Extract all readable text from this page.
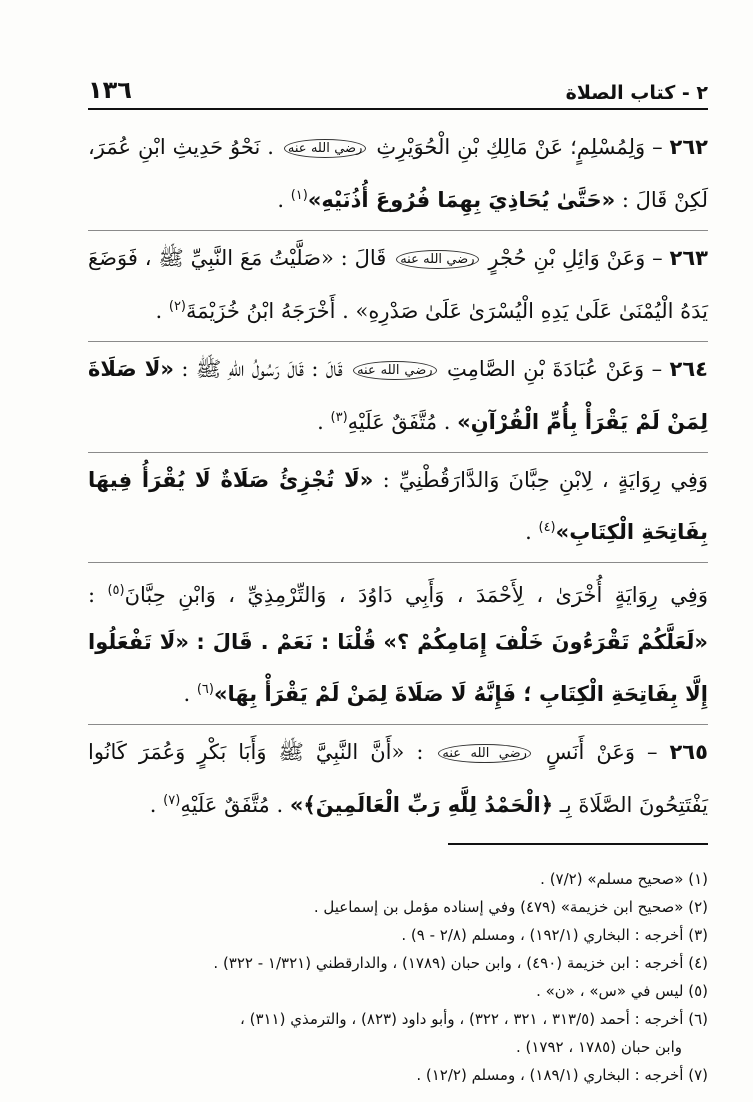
٢ - كتاب الصلاة
١٣٦

٢٦٢ – وَلِمُسْلِمٍ؛ عَنْ مَالِكِ بْنِ الْحُوَيْرِثِ رضي الله عنه . نَحْوُ حَدِيثِ ابْنِ عُمَرَ، لَكِنْ قَالَ : «حَتَّىٰ يُحَاذِيَ بِهِمَا فُرُوعَ أُذُنَيْهِ»$^{(١)}$ .

٢٦٣ – وَعَنْ وَائِلِ بْنِ حُجْرٍ رضي الله عنه قَالَ : «صَلَّيْتُ مَعَ النَّبِيِّ ﷺ ، فَوَضَعَ يَدَهُ الْيُمْنَىٰ عَلَىٰ يَدِهِ الْيُسْرَىٰ عَلَىٰ صَدْرِهِ» . أَخْرَجَهُ ابْنُ خُزَيْمَةَ$^{(٢)}$ .

٢٦٤ – وَعَنْ عُبَادَةَ بْنِ الصَّامِتِ رضي الله عنه قَالَ : قَالَ رَسُولُ اللهِ ﷺ : «لَا صَلَاةَ لِمَنْ لَمْ يَقْرَأْ بِأُمِّ الْقُرْآنِ» . مُتَّفَقٌ عَلَيْهِ$^{(٣)}$ .

وَفِي رِوَايَةٍ ، لِابْنِ حِبَّانَ وَالدَّارَقُطْنِيِّ : «لَا تُجْزِئُ صَلَاةٌ لَا يُقْرَأُ فِيهَا بِفَاتِحَةِ الْكِتَابِ»$^{(٤)}$ .

وَفِي رِوَايَةٍ أُخْرَىٰ ، لِأَحْمَدَ ، وَأَبِي دَاوُدَ ، وَالتِّرْمِذِيِّ ، وَابْنِ حِبَّانَ$^{(٥)}$ : «لَعَلَّكُمْ تَقْرَءُونَ خَلْفَ إِمَامِكُمْ ؟» قُلْنَا : نَعَمْ . قَالَ : «لَا تَفْعَلُوا إِلَّا بِفَاتِحَةِ الْكِتَابِ ؛ فَإِنَّهُ لَا صَلَاةَ لِمَنْ لَمْ يَقْرَأْ بِهَا»$^{(٦)}$ .

٢٦٥ – وَعَنْ أَنَسٍ رضي الله عنه : «أَنَّ النَّبِيَّ ﷺ وَأَبَا بَكْرٍ وَعُمَرَ كَانُوا يَفْتَتِحُونَ الصَّلَاةَ بِـ ﴿الْحَمْدُ لِلَّهِ رَبِّ الْعَالَمِينَ﴾» . مُتَّفَقٌ عَلَيْهِ$^{(٧)}$ .

(١) «صحيح مسلم» (٧/٢) .

(٢) «صحيح ابن خزيمة» (٤٧٩) وفي إسناده مؤمل بن إسماعيل .

(٣) أخرجه : البخاري (١٩٢/١) ، ومسلم (٢/٨ - ٩) .

(٤) أخرجه : ابن خزيمة (٤٩٠) ، وابن حبان (١٧٨٩) ، والدارقطني (١/٣٢١ - ٣٢٢) .

(٥) ليس في «س» ، «ن» .

(٦) أخرجه : أحمد (٣١٣/٥ ، ٣٢١ ، ٣٢٢) ، وأبو داود (٨٢٣) ، والترمذي (٣١١) ،

وابن حبان (١٧٨٥ ، ١٧٩٢) .

(٧) أخرجه : البخاري (١٨٩/١) ، ومسلم (١٢/٢) .
